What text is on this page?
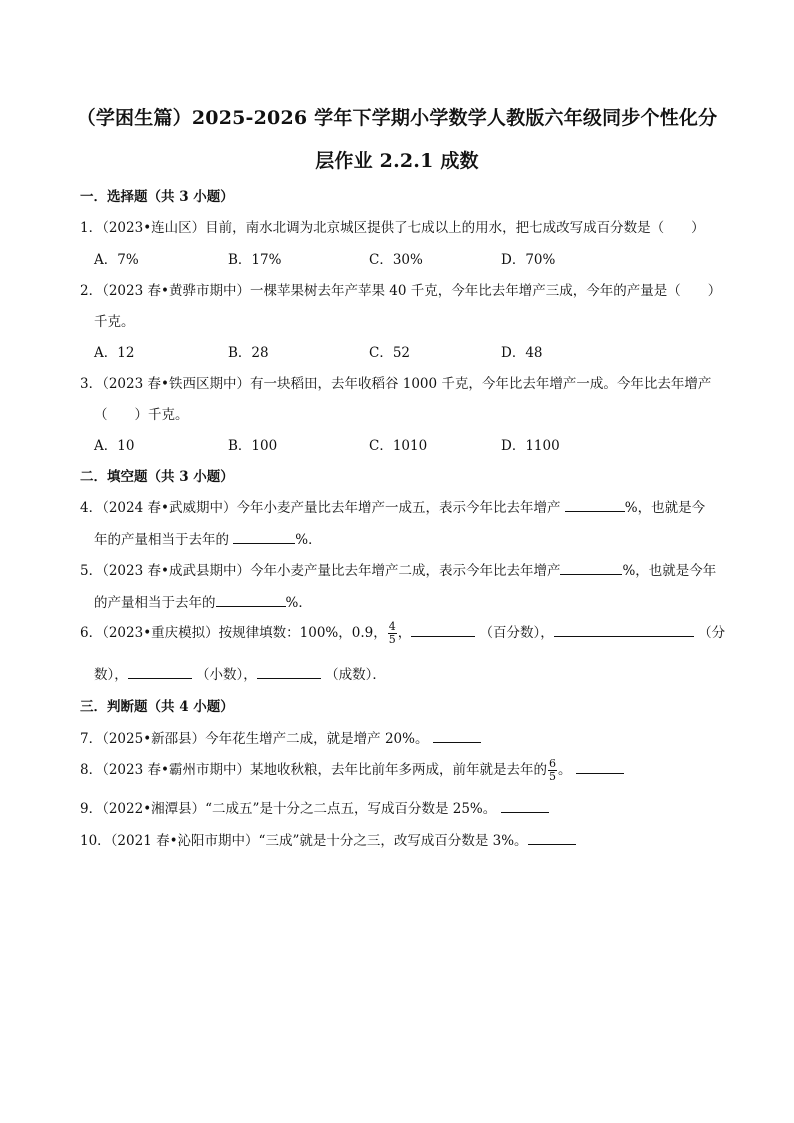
（学困生篇）2025-2026 学年下学期小学数学人教版六年级同步个性化分
层作业 2.2.1 成数
一．选择题（共 3 小题）
1．（2023•连山区）目前，南水北调为北京城区提供了七成以上的用水，把七成改写成百分数是（　　）
A．7%	B．17%	C．30%	D．70%
2．（2023 春•黄骅市期中）一棵苹果树去年产苹果 40 千克，今年比去年增产三成，今年的产量是（　　）
千克。
A．12	B．28	C．52	D．48
3．（2023 春•铁西区期中）有一块稻田，去年收稻谷 1000 千克，今年比去年增产一成。今年比去年增产
（　　）千克。
A．10	B．100	C．1010	D．1100
二．填空题（共 3 小题）
4．（2024 春•武威期中）今年小麦产量比去年增产一成五，表示今年比去年增产	%，也就是今
年的产量相当于去年的	%．
5．（2023 春•成武县期中）今年小麦产量比去年增产二成，表示今年比去年增产	%，也就是今年
的产量相当于去年的	%．
6．（2023•重庆模拟）按规律填数：100%，0.9， $\frac{4}{5}$ ，	（百分数），	（分
数），	（小数），	（成数）．
三．判断题（共 4 小题）
7．（2025•新邵县）今年花生增产二成，就是增产 20%。
8．（2023 春•霸州市期中）某地收秋粮，去年比前年多两成，前年就是去年的 $\frac{6}{5}$ 。
9．（2022•湘潭县）“二成五”是十分之二点五，写成百分数是 25%。
10．（2021 春•沁阳市期中）“三成”就是十分之三，改写成百分数是 3%。
